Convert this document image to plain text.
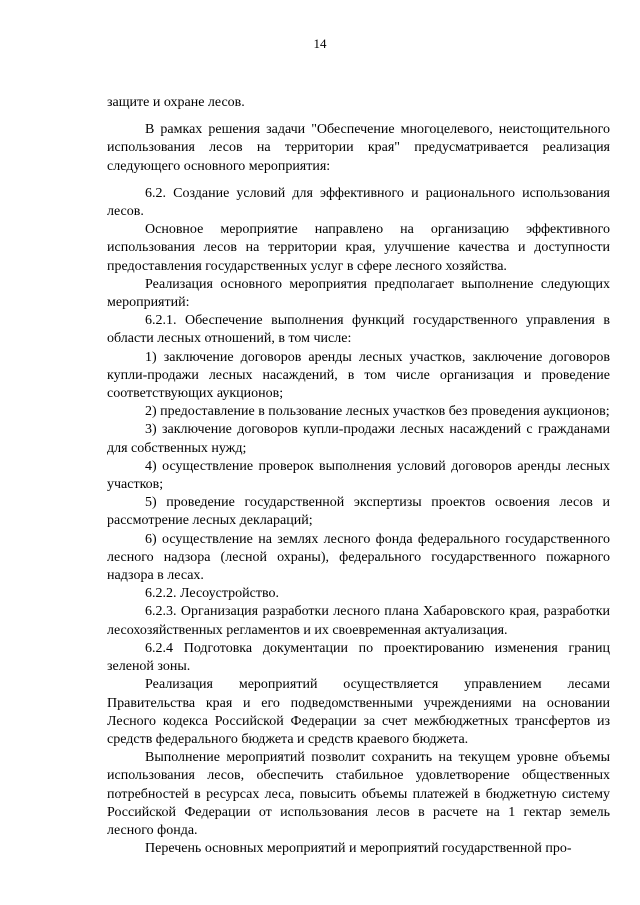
14

защите и охране лесов.

В рамках решения задачи "Обеспечение многоцелевого, неистощительного использования лесов на территории края" предусматривается реализация следующего основного мероприятия:

6.2. Создание условий для эффективного и рационального использования лесов.

Основное мероприятие направлено на организацию эффективного использования лесов на территории края, улучшение качества и доступности предоставления государственных услуг в сфере лесного хозяйства.

Реализация основного мероприятия предполагает выполнение следующих мероприятий:

6.2.1. Обеспечение выполнения функций государственного управления в области лесных отношений, в том числе:

1) заключение договоров аренды лесных участков, заключение договоров купли-продажи лесных насаждений, в том числе организация и проведение соответствующих аукционов;

2) предоставление в пользование лесных участков без проведения аукционов;

3) заключение договоров купли-продажи лесных насаждений с гражданами для собственных нужд;

4) осуществление проверок выполнения условий договоров аренды лесных участков;

5) проведение государственной экспертизы проектов освоения лесов и рассмотрение лесных деклараций;

6) осуществление на землях лесного фонда федерального государственного лесного надзора (лесной охраны), федерального государственного пожарного надзора в лесах.

6.2.2. Лесоустройство.

6.2.3. Организация разработки лесного плана Хабаровского края, разработки лесохозяйственных регламентов и их своевременная актуализация.

6.2.4 Подготовка документации по проектированию изменения границ зеленой зоны.

Реализация мероприятий осуществляется управлением лесами Правительства края и его подведомственными учреждениями на основании Лесного кодекса Российской Федерации за счет межбюджетных трансфертов из средств федерального бюджета и средств краевого бюджета.

Выполнение мероприятий позволит сохранить на текущем уровне объемы использования лесов, обеспечить стабильное удовлетворение общественных потребностей в ресурсах леса, повысить объемы платежей в бюджетную систему Российской Федерации от использования лесов в расчете на 1 гектар земель лесного фонда.

Перечень основных мероприятий и мероприятий государственной про-
